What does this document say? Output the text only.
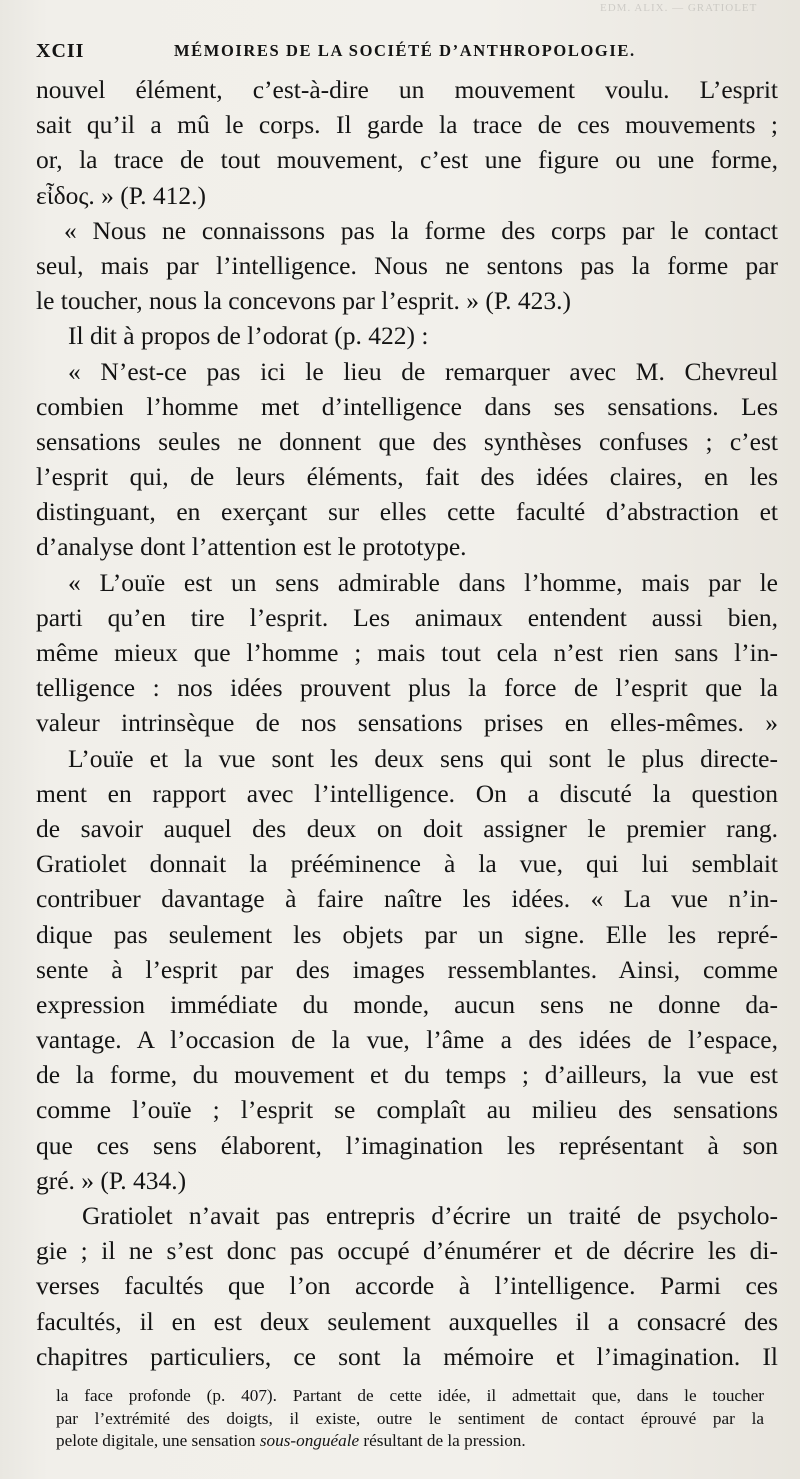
EDM. ALIX. — GRATIOLET
XCII	MÉMOIRES DE LA SOCIÉTÉ D’ANTHROPOLOGIE.
nouvel élément, c’est-à-dire un mouvement voulu. L’esprit
sait qu’il a mû le corps. Il garde la trace de ces mouvements ;
or, la trace de tout mouvement, c’est une figure ou une forme,
εἶδος. » (P. 412.)
« Nous ne connaissons pas la forme des corps par le contact
seul, mais par l’intelligence. Nous ne sentons pas la forme par
le toucher, nous la concevons par l’esprit. » (P. 423.)
Il dit à propos de l’odorat (p. 422) :
« N’est-ce pas ici le lieu de remarquer avec M. Chevreul
combien l’homme met d’intelligence dans ses sensations. Les
sensations seules ne donnent que des synthèses confuses ; c’est
l’esprit qui, de leurs éléments, fait des idées claires, en les
distinguant, en exerçant sur elles cette faculté d’abstraction et
d’analyse dont l’attention est le prototype.
« L’ouïe est un sens admirable dans l’homme, mais par le
parti qu’en tire l’esprit. Les animaux entendent aussi bien,
même mieux que l’homme ; mais tout cela n’est rien sans l’in-
telligence : nos idées prouvent plus la force de l’esprit que la
valeur intrinsèque de nos sensations prises en elles-mêmes. »
L’ouïe et la vue sont les deux sens qui sont le plus directe-
ment en rapport avec l’intelligence. On a discuté la question
de savoir auquel des deux on doit assigner le premier rang.
Gratiolet donnait la prééminence à la vue, qui lui semblait
contribuer davantage à faire naître les idées. « La vue n’in-
dique pas seulement les objets par un signe. Elle les repré-
sente à l’esprit par des images ressemblantes. Ainsi, comme
expression immédiate du monde, aucun sens ne donne da-
vantage. A l’occasion de la vue, l’âme a des idées de l’espace,
de la forme, du mouvement et du temps ; d’ailleurs, la vue est
comme l’ouïe ; l’esprit se complaît au milieu des sensations
que ces sens élaborent, l’imagination les représentant à son
gré. » (P. 434.)
Gratiolet n’avait pas entrepris d’écrire un traité de psycholo-
gie ; il ne s’est donc pas occupé d’énumérer et de décrire les di-
verses facultés que l’on accorde à l’intelligence. Parmi ces
facultés, il en est deux seulement auxquelles il a consacré des
chapitres particuliers, ce sont la mémoire et l’imagination. Il
la face profonde (p. 407). Partant de cette idée, il admettait que, dans le toucher
par l’extrémité des doigts, il existe, outre le sentiment de contact éprouvé par la
pelote digitale, une sensation sous-onguéale résultant de la pression.
